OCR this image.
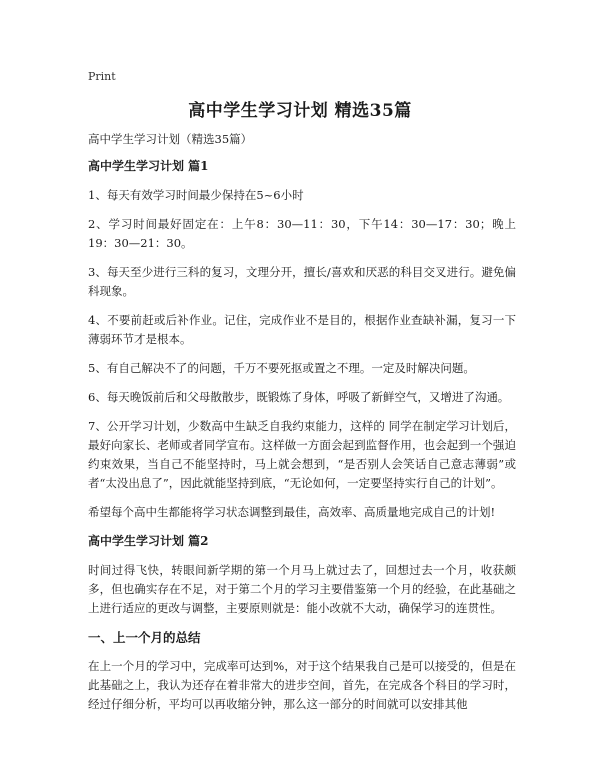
Print
高中学生学习计划 精选35篇
高中学生学习计划（精选35篇）
高中学生学习计划 篇1
1、每天有效学习时间最少保持在5~6小时
2、学习时间最好固定在：上午8：30—11：30，下午14：30—17：30；晚上19：30—21：30。
3、每天至少进行三科的复习，文理分开，擅长/喜欢和厌恶的科目交叉进行。避免偏科现象。
4、不要前赶或后补作业。记住，完成作业不是目的，根据作业查缺补漏，复习一下薄弱环节才是根本。
5、有自己解决不了的问题，千万不要死抠或置之不理。一定及时解决问题。
6、每天晚饭前后和父母散散步，既锻炼了身体，呼吸了新鲜空气，又增进了沟通。
7、公开学习计划，少数高中生缺乏自我约束能力，这样的 同学在制定学习计划后，最好向家长、老师或者同学宣布。这样做一方面会起到监督作用，也会起到一个强迫约束效果，当自己不能坚持时，马上就会想到，“是否别人会笑话自己意志薄弱”或者“太没出息了”，因此就能坚持到底，“无论如何，一定要坚持实行自己的计划”。
希望每个高中生都能将学习状态调整到最佳，高效率、高质量地完成自己的计划!
高中学生学习计划 篇2
时间过得飞快，转眼间新学期的第一个月马上就过去了，回想过去一个月，收获颇多，但也确实存在不足，对于第二个月的学习主要借鉴第一个月的经验，在此基础之上进行适应的更改与调整，主要原则就是：能小改就不大动，确保学习的连贯性。
一、上一个月的总结
在上一个月的学习中，完成率可达到%，对于这个结果我自己是可以接受的，但是在此基础之上，我认为还存在着非常大的进步空间，首先，在完成各个科目的学习时，经过仔细分析，平均可以再收缩分钟，那么这一部分的时间就可以安排其他
